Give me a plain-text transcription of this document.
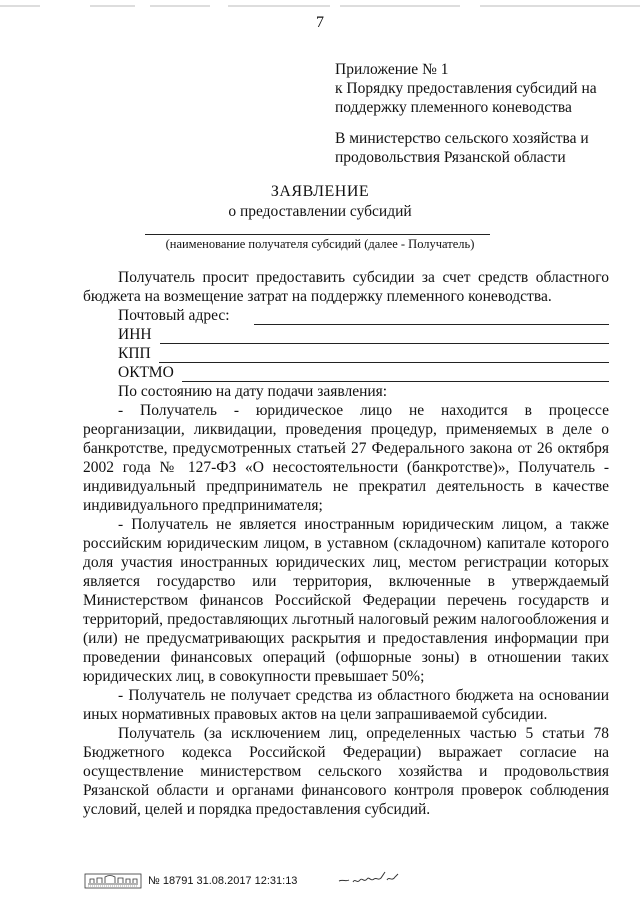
7
Приложение № 1
к Порядку предоставления субсидий на
поддержку племенного коневодства
В министерство сельского хозяйства и
продовольствия Рязанской области
ЗАЯВЛЕНИЕ
о предоставлении субсидий
(наименование получателя субсидий (далее - Получатель)

Получатель просит предоставить субсидии за счет средств областного бюджета на возмещение затрат на поддержку племенного коневодства.

Почтовый адрес:
ИНН
КПП
ОКТМО

По состоянию на дату подачи заявления:

- Получатель - юридическое лицо не находится в процессе реорганизации, ликвидации, проведения процедур, применяемых в деле о банкротстве, предусмотренных статьей 27 Федерального закона от 26 октября 2002 года № 127-ФЗ «О несостоятельности (банкротстве)», Получатель - индивидуальный предприниматель не прекратил деятельность в качестве индивидуального предпринимателя;

- Получатель не является иностранным юридическим лицом, а также российским юридическим лицом, в уставном (складочном) капитале которого доля участия иностранных юридических лиц, местом регистрации которых является государство или территория, включенные в утверждаемый Министерством финансов Российской Федерации перечень государств и территорий, предоставляющих льготный налоговый режим налогообложения и (или) не предусматривающих раскрытия и предоставления информации при проведении финансовых операций (офшорные зоны) в отношении таких юридических лиц, в совокупности превышает 50%;

- Получатель не получает средства из областного бюджета на основании иных нормативных правовых актов на цели запрашиваемой субсидии.

Получатель (за исключением лиц, определенных частью 5 статьи 78 Бюджетного кодекса Российской Федерации) выражает согласие на осуществление министерством сельского хозяйства и продовольствия Рязанской области и органами финансового контроля проверок соблюдения условий, целей и порядка предоставления субсидий.

№ 18791 31.08.2017 12:31:13
